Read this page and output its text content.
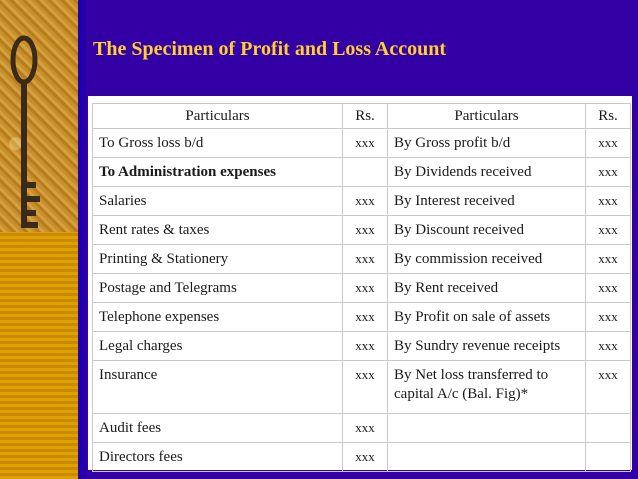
The Specimen of Profit and Loss Account
Particulars	Rs.	Particulars	Rs.
To Gross loss b/d	xxx	By Gross profit b/d	xxx
To Administration expenses		By Dividends received	xxx
Salaries	xxx	By Interest received	xxx
Rent rates & taxes	xxx	By Discount received	xxx
Printing & Stationery	xxx	By commission received	xxx
Postage and Telegrams	xxx	By Rent received	xxx
Telephone expenses	xxx	By Profit on sale of assets	xxx
Legal charges	xxx	By Sundry revenue receipts	xxx
Insurance	xxx	By Net loss transferred to capital A/c (Bal. Fig)*	xxx
Audit fees	xxx		
Directors fees	xxx		
